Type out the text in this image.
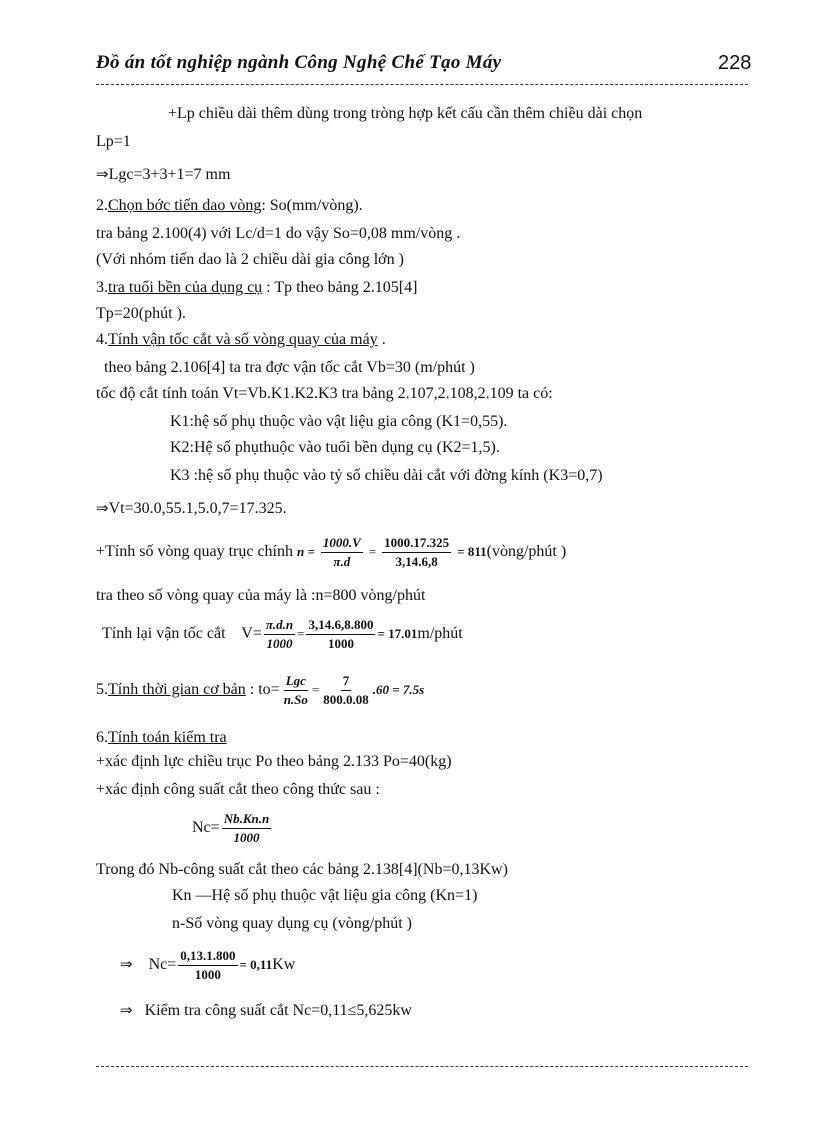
Đồ án tốt nghiệp ngành Công Nghệ Chế Tạo Máy	228
+Lp chiều dài thêm dùng trong tròng hợp kết cấu cần thêm chiều dài chọn
Lp=1
⇒Lgc=3+3+1=7 mm
2.Chọn bớc tiến dao vòng: So(mm/vòng).
tra bảng 2.100(4) với Lc/d=1 do vậy So=0,08 mm/vòng .
(Với nhóm tiến dao là 2 chiều dài gia công lớn )
3.tra tuổi bền của dụng cụ : Tp theo bảng 2.105[4]
Tp=20(phút ).
4.Tính vận tốc cắt và số vòng quay của máy .
theo bảng 2.106[4] ta tra đợc vận tốc cắt Vb=30 (m/phút )
tốc độ cắt tính toán Vt=Vb.K1.K2.K3 tra bảng 2.107,2.108,2.109 ta có:
K1:hệ số phụ thuộc vào vật liệu gia công (K1=0,55).
K2:Hệ số phụthuộc vào tuổi bền dụng cụ (K2=1,5).
K3 :hệ số phụ thuộc vào tỷ số chiều dài cắt với đờng kính (K3=0,7)
⇒Vt=30.0,55.1,5.0,7=17.325.
+Tính số vòng quay trục chính $n = \frac{1000.V}{\pi.d} = \frac{1000.17.325}{3,14.6,8}$ = 811(vòng/phút )
tra theo số vòng quay của máy là :n=800 vòng/phút
Tính lại vận tốc cắt $V= \frac{\pi.d.n}{1000} = \frac{3,14.6,8.800}{1000}$ = 17.01m/phút
5.Tính thời gian cơ bản : $to= \frac{\text{Lgc}}{n.So} = \frac{7}{800.0.08} .60 = 7.5s$
6.Tính toán kiểm tra
+xác định lực chiều trục Po theo bảng 2.133 Po=40(kg)
+xác định công suất cắt theo công thức sau :
$Nc= \frac{Nb.Kn.n}{1000}$
Trong đó Nb-công suất cắt theo các bảng 2.138[4](Nb=0,13Kw)
Kn —Hệ số phụ thuộc vật liệu gia công (Kn=1)
n-Số vòng quay dụng cụ (vòng/phút )
⇒ $Nc= \frac{0,13.1.800}{1000} = 0,11Kw$
⇒ Kiểm tra công suất cắt Nc=0,11≤5,625kw
